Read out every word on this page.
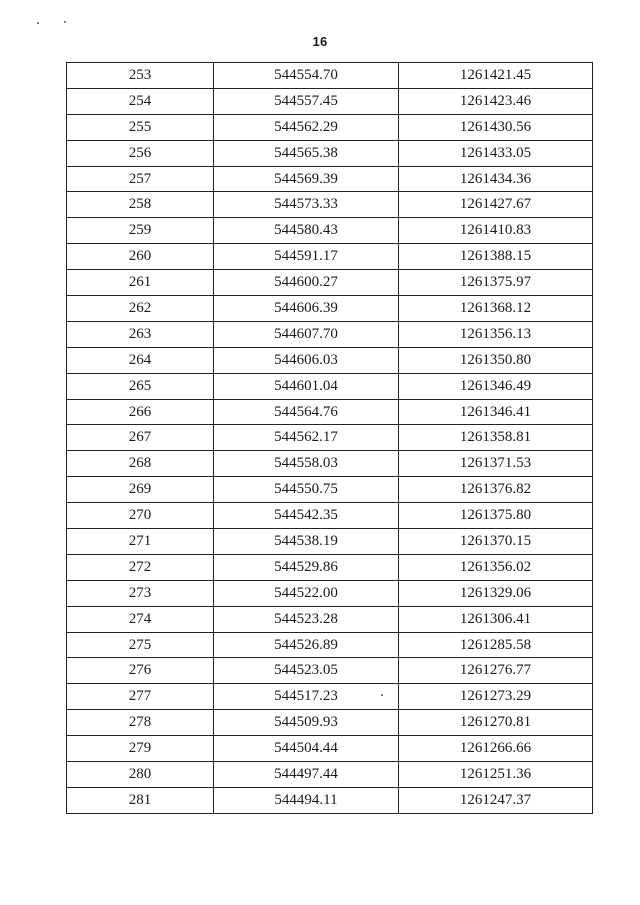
16
253	544554.70	1261421.45
254	544557.45	1261423.46
255	544562.29	1261430.56
256	544565.38	1261433.05
257	544569.39	1261434.36
258	544573.33	1261427.67
259	544580.43	1261410.83
260	544591.17	1261388.15
261	544600.27	1261375.97
262	544606.39	1261368.12
263	544607.70	1261356.13
264	544606.03	1261350.80
265	544601.04	1261346.49
266	544564.76	1261346.41
267	544562.17	1261358.81
268	544558.03	1261371.53
269	544550.75	1261376.82
270	544542.35	1261375.80
271	544538.19	1261370.15
272	544529.86	1261356.02
273	544522.00	1261329.06
274	544523.28	1261306.41
275	544526.89	1261285.58
276	544523.05	1261276.77
277	544517.23	1261273.29
278	544509.93	1261270.81
279	544504.44	1261266.66
280	544497.44	1261251.36
281	544494.11	1261247.37
